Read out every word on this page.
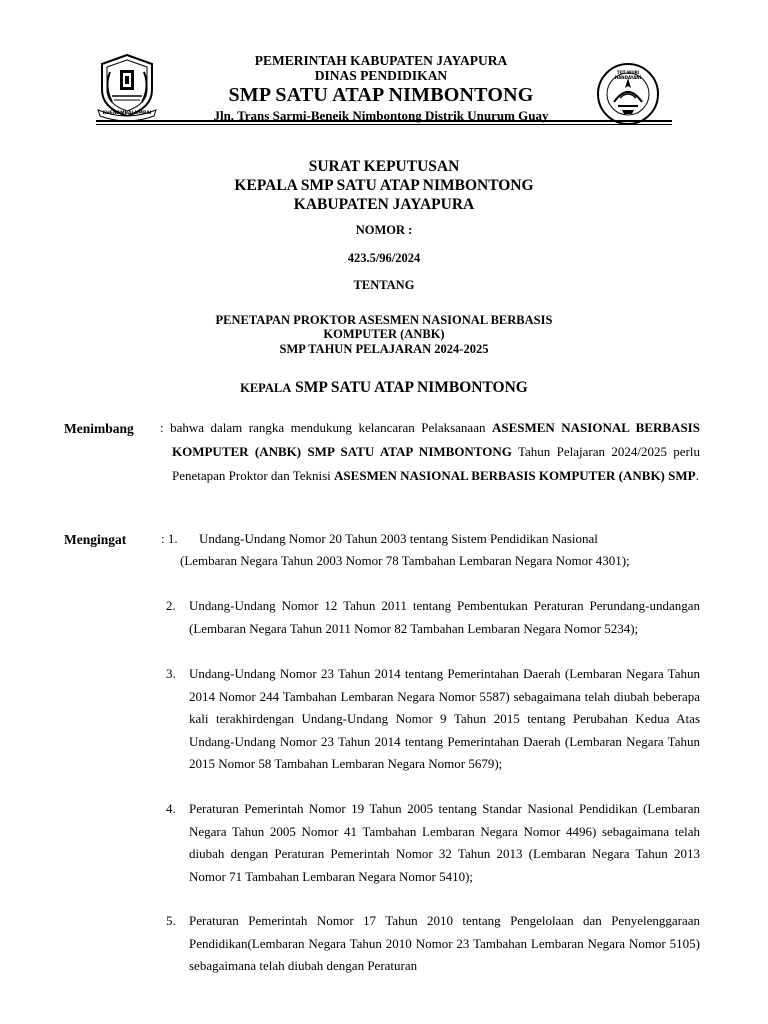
KHENAMBAI UMBAI
PEMERINTAH KABUPATEN JAYAPURA
DINAS PENDIDIKAN
SMP SATU ATAP NIMBONTONG
Jln. Trans Sarmi-Beneik Nimbontong Distrik Unurum Guay
TUT WURI HANDAYANI
SURAT KEPUTUSAN
KEPALA SMP SATU ATAP NIMBONTONG
KABUPATEN JAYAPURA
NOMOR :
423.5/96/2024
TENTANG
PENETAPAN PROKTOR ASESMEN NASIONAL BERBASIS
KOMPUTER (ANBK)
SMP TAHUN PELAJARAN 2024-2025
KEPALA SMP SATU ATAP NIMBONTONG
Menimbang : bahwa dalam rangka mendukung kelancaran Pelaksanaan ASESMEN NASIONAL BERBASIS KOMPUTER (ANBK) SMP SATU ATAP NIMBONTONG Tahun Pelajaran 2024/2025 perlu Penetapan Proktor dan Teknisi ASESMEN NASIONAL BERBASIS KOMPUTER (ANBK) SMP.
Mengingat	: 1. Undang-Undang Nomor 20 Tahun 2003 tentang Sistem Pendidikan Nasional
(Lembaran Negara Tahun 2003 Nomor 78 Tambahan Lembaran Negara Nomor 4301);
2. Undang-Undang Nomor 12 Tahun 2011 tentang Pembentukan Peraturan Perundang-undangan (Lembaran Negara Tahun 2011 Nomor 82 Tambahan Lembaran Negara Nomor 5234);
3. Undang-Undang Nomor 23 Tahun 2014 tentang Pemerintahan Daerah (Lembaran Negara Tahun 2014 Nomor 244 Tambahan Lembaran Negara Nomor 5587) sebagaimana telah diubah beberapa kali terakhirdengan Undang-Undang Nomor 9 Tahun 2015 tentang Perubahan Kedua Atas Undang-Undang Nomor 23 Tahun 2014 tentang Pemerintahan Daerah (Lembaran Negara Tahun 2015 Nomor 58 Tambahan Lembaran Negara Nomor 5679);
4. Peraturan Pemerintah Nomor 19 Tahun 2005 tentang Standar Nasional Pendidikan (Lembaran Negara Tahun 2005 Nomor 41 Tambahan Lembaran Negara Nomor 4496) sebagaimana telah diubah dengan Peraturan Pemerintah Nomor 32 Tahun 2013 (Lembaran Negara Tahun 2013 Nomor 71 Tambahan Lembaran Negara Nomor 5410);
5. Peraturan Pemerintah Nomor 17 Tahun 2010 tentang Pengelolaan dan Penyelenggaraan Pendidikan(Lembaran Negara Tahun 2010 Nomor 23 Tambahan Lembaran Negara Nomor 5105) sebagaimana telah diubah dengan Peraturan
